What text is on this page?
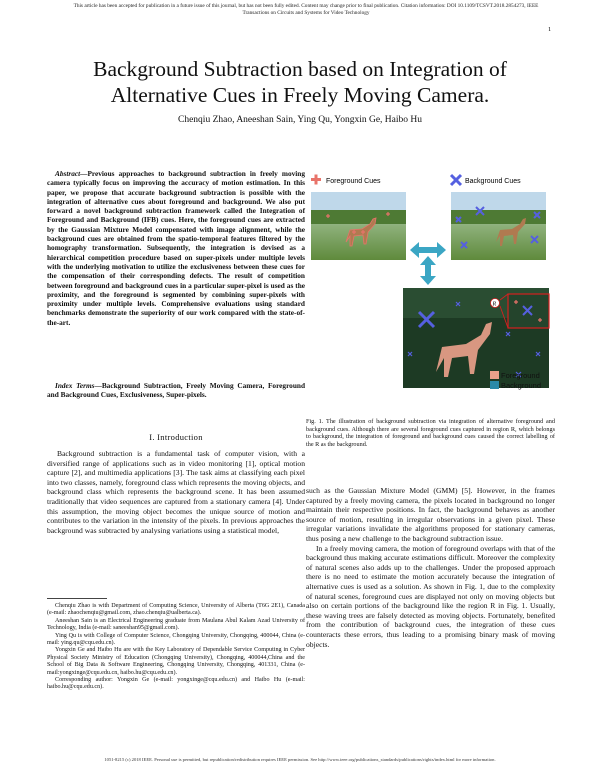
This article has been accepted for publication in a future issue of this journal, but has not been fully edited. Content may change prior to final publication. Citation information: DOI 10.1109/TCSVT.2018.2854273, IEEE
Transactions on Circuits and Systems for Video Technology
1
Background Subtraction based on Integration of
Alternative Cues in Freely Moving Camera.
Chenqiu Zhao, Aneeshan Sain, Ying Qu, Yongxin Ge, Haibo Hu
Abstract—Previous approaches to background subtraction in freely moving camera typically focus on improving the accuracy of motion estimation. In this paper, we propose that accurate background subtraction is possible with the integration of alternative cues about foreground and background. We also put forward a novel background subtraction framework called the Integration of Foreground and Background (IFB) cues. Here, the foreground cues are extracted by the Gaussian Mixture Model compensated with image alignment, while the background cues are obtained from the spatio-temporal features filtered by the homography transformation. Subsequently, the integration is devised as a hierarchical competition procedure based on super-pixels under multiple levels with the underlying motivation to utilize the exclusiveness between these cues for the compensation of their corresponding defects. The result of competition between foreground and background cues in a particular super-pixel is used as the proximity, and the foreground is segmented by combining super-pixels with proximity under multiple levels. Comprehensive evaluations using standard benchmarks demonstrate the superiority of our work compared with the state-of-the-art.
Index Terms—Background Subtraction, Freely Moving Camera, Foreground and Background Cues, Exclusiveness, Super-pixels.
I. Introduction
Background subtraction is a fundamental task of computer vision, with a diversified range of applications such as in video monitoring [1], optical motion capture [2], and multimedia applications [3]. The task aims at classifying each pixel into two classes, namely, foreground class which represents the moving objects, and background class which represents the background scene. It has been assumed traditionally that video sequences are captured from a stationary camera [4]. Under this assumption, the moving object becomes the unique source of motion and contributes to the variation in the intensity of the pixels. In previous approaches the background was subtracted by analysing variations using a statistical model,

Chenqiu Zhao is with Department of Computing Science, University of Alberta (T6G 2E1), Canada (e-mail: zhaochenqiu@gmail.com, zhao.chenqiu@ualberta.ca).

Aneeshan Sain is an Electrical Engineering graduate from Maulana Abul Kalam Azad University of Technology, India (e-mail: saneeshan95@gmail.com).

Ying Qu is with College of Computer Science, Chongqing University, Chongqing, 400044, China (e-mail: ying.qu@cqu.edu.cn).

Yongxin Ge and Haibo Hu are with the Key Laboratory of Dependable Service Computing in Cyber Physical Society Ministry of Education (Chongqing University), Chongqing, 400044,China and the School of Big Data & Software Engineering, Chongqing University, Chongqing, 401331, China (e-mail:yongxinge@cqu.edu.cn, haibo.hu@cqu.edu.cn).

Corresponding author: Yongxin Ge (e-mail: yongxinge@cqu.edu.cn) and Haibo Hu (e-mail: haibo.hu@cqu.edu.cn).

Foreground Cues	Background Cues
R
Foreground
Background
Fig. 1. The illustration of background subtraction via integration of alternative foreground and background cues. Although there are several foreground cues captured in region R, which belongs to background, the integration of foreground and background cues caused the correct labelling of the R as the background.

such as the Gaussian Mixture Model (GMM) [5]. However, in the frames captured by a freely moving camera, the pixels located in background no longer maintain their respective positions. In fact, the background behaves as another source of motion, resulting in irregular observations in a given pixel. These irregular variations invalidate the algorithms proposed for stationary cameras, thus posing a new challenge to the background subtraction issue.

In a freely moving camera, the motion of foreground overlaps with that of the background thus making accurate estimations difficult. Moreover the complexity of natural scenes also adds up to the challenges. Under the proposed approach there is no need to estimate the motion accurately because the integration of alternative cues is used as a solution. As shown in Fig. 1, due to the complexity of natural scenes, foreground cues are displayed not only on moving objects but also on certain portions of the background like the region R in Fig. 1. Usually, these waving trees are falsely detected as moving objects. Fortunately, benefited from the contribution of background cues, the integration of these cues counteracts these errors, thus leading to a promising binary mask of moving objects.

1051-8215 (c) 2018 IEEE. Personal use is permitted, but republication/redistribution requires IEEE permission. See http://www.ieee.org/publications_standards/publications/rights/index.html for more information.
